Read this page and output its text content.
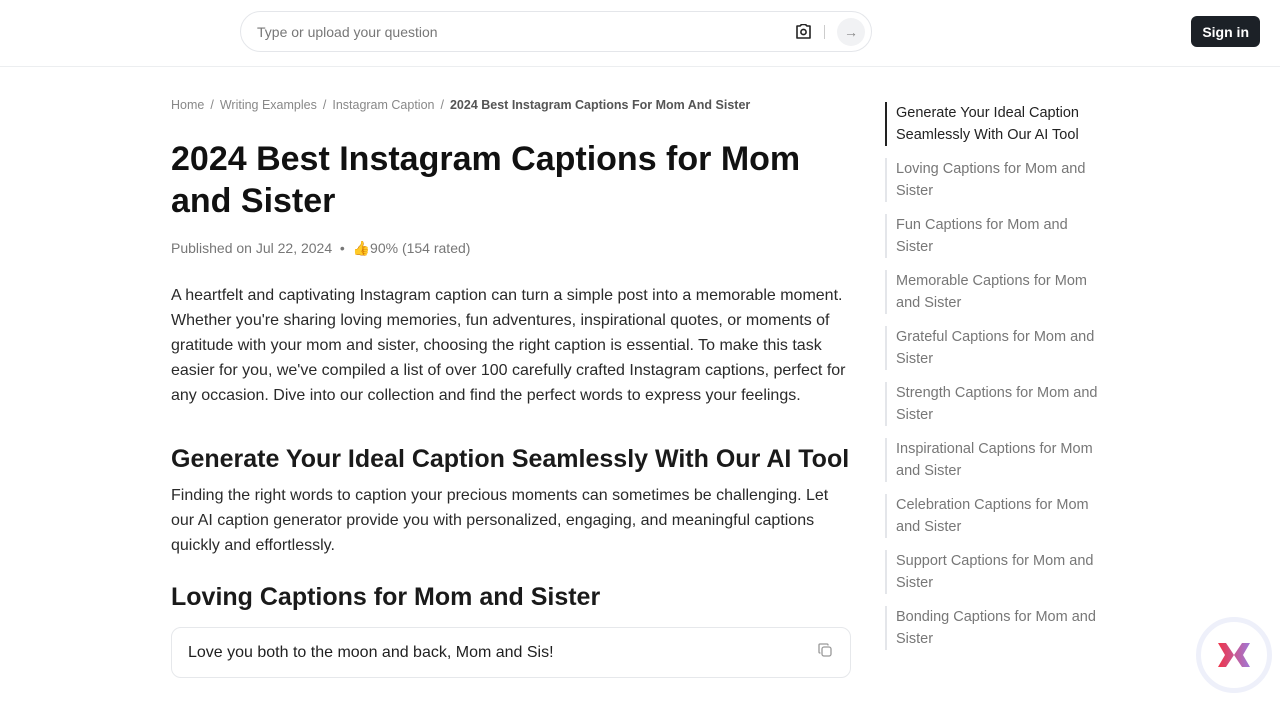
Type or upload your question
→	Sign in
Home / Writing Examples / Instagram Caption / 2024 Best Instagram Captions For Mom And Sister
2024 Best Instagram Captions for Mom and Sister
Published on Jul 22, 2024  •  👍90% (154 rated)

A heartfelt and captivating Instagram caption can turn a simple post into a memorable moment. Whether you're sharing loving memories, fun adventures, inspirational quotes, or moments of gratitude with your mom and sister, choosing the right caption is essential. To make this task easier for you, we've compiled a list of over 100 carefully crafted Instagram captions, perfect for any occasion. Dive into our collection and find the perfect words to express your feelings.

Generate Your Ideal Caption Seamlessly With Our AI Tool

Finding the right words to caption your precious moments can sometimes be challenging. Let our AI caption generator provide you with personalized, engaging, and meaningful captions quickly and effortlessly.

Loving Captions for Mom and Sister
Love you both to the moon and back, Mom and Sis!
Generate Your Ideal Caption Seamlessly With Our AI Tool
Loving Captions for Mom and Sister
Fun Captions for Mom and Sister
Memorable Captions for Mom and Sister
Grateful Captions for Mom and Sister
Strength Captions for Mom and Sister
Inspirational Captions for Mom and Sister
Celebration Captions for Mom and Sister
Support Captions for Mom and Sister
Bonding Captions for Mom and Sister
